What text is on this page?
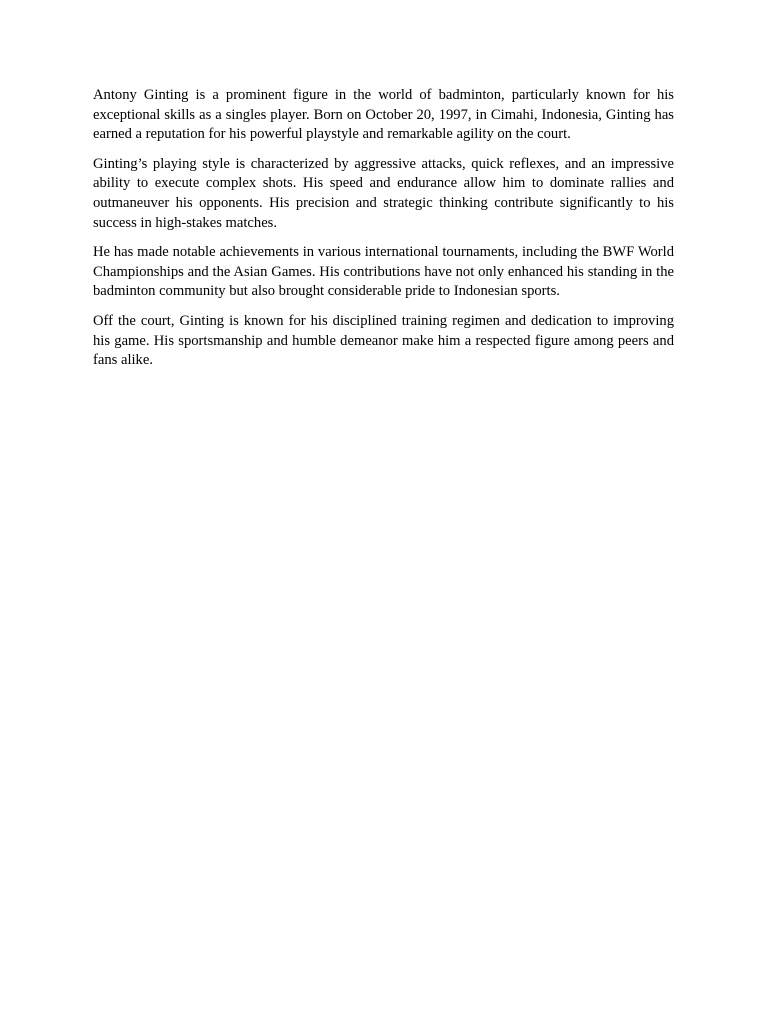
Antony Ginting is a prominent figure in the world of badminton, particularly known for his exceptional skills as a singles player. Born on October 20, 1997, in Cimahi, Indonesia, Ginting has earned a reputation for his powerful playstyle and remarkable agility on the court.

Ginting’s playing style is characterized by aggressive attacks, quick reflexes, and an impressive ability to execute complex shots. His speed and endurance allow him to dominate rallies and outmaneuver his opponents. His precision and strategic thinking contribute significantly to his success in high-stakes matches.

He has made notable achievements in various international tournaments, including the BWF World Championships and the Asian Games. His contributions have not only enhanced his standing in the badminton community but also brought considerable pride to Indonesian sports.

Off the court, Ginting is known for his disciplined training regimen and dedication to improving his game. His sportsmanship and humble demeanor make him a respected figure among peers and fans alike.
